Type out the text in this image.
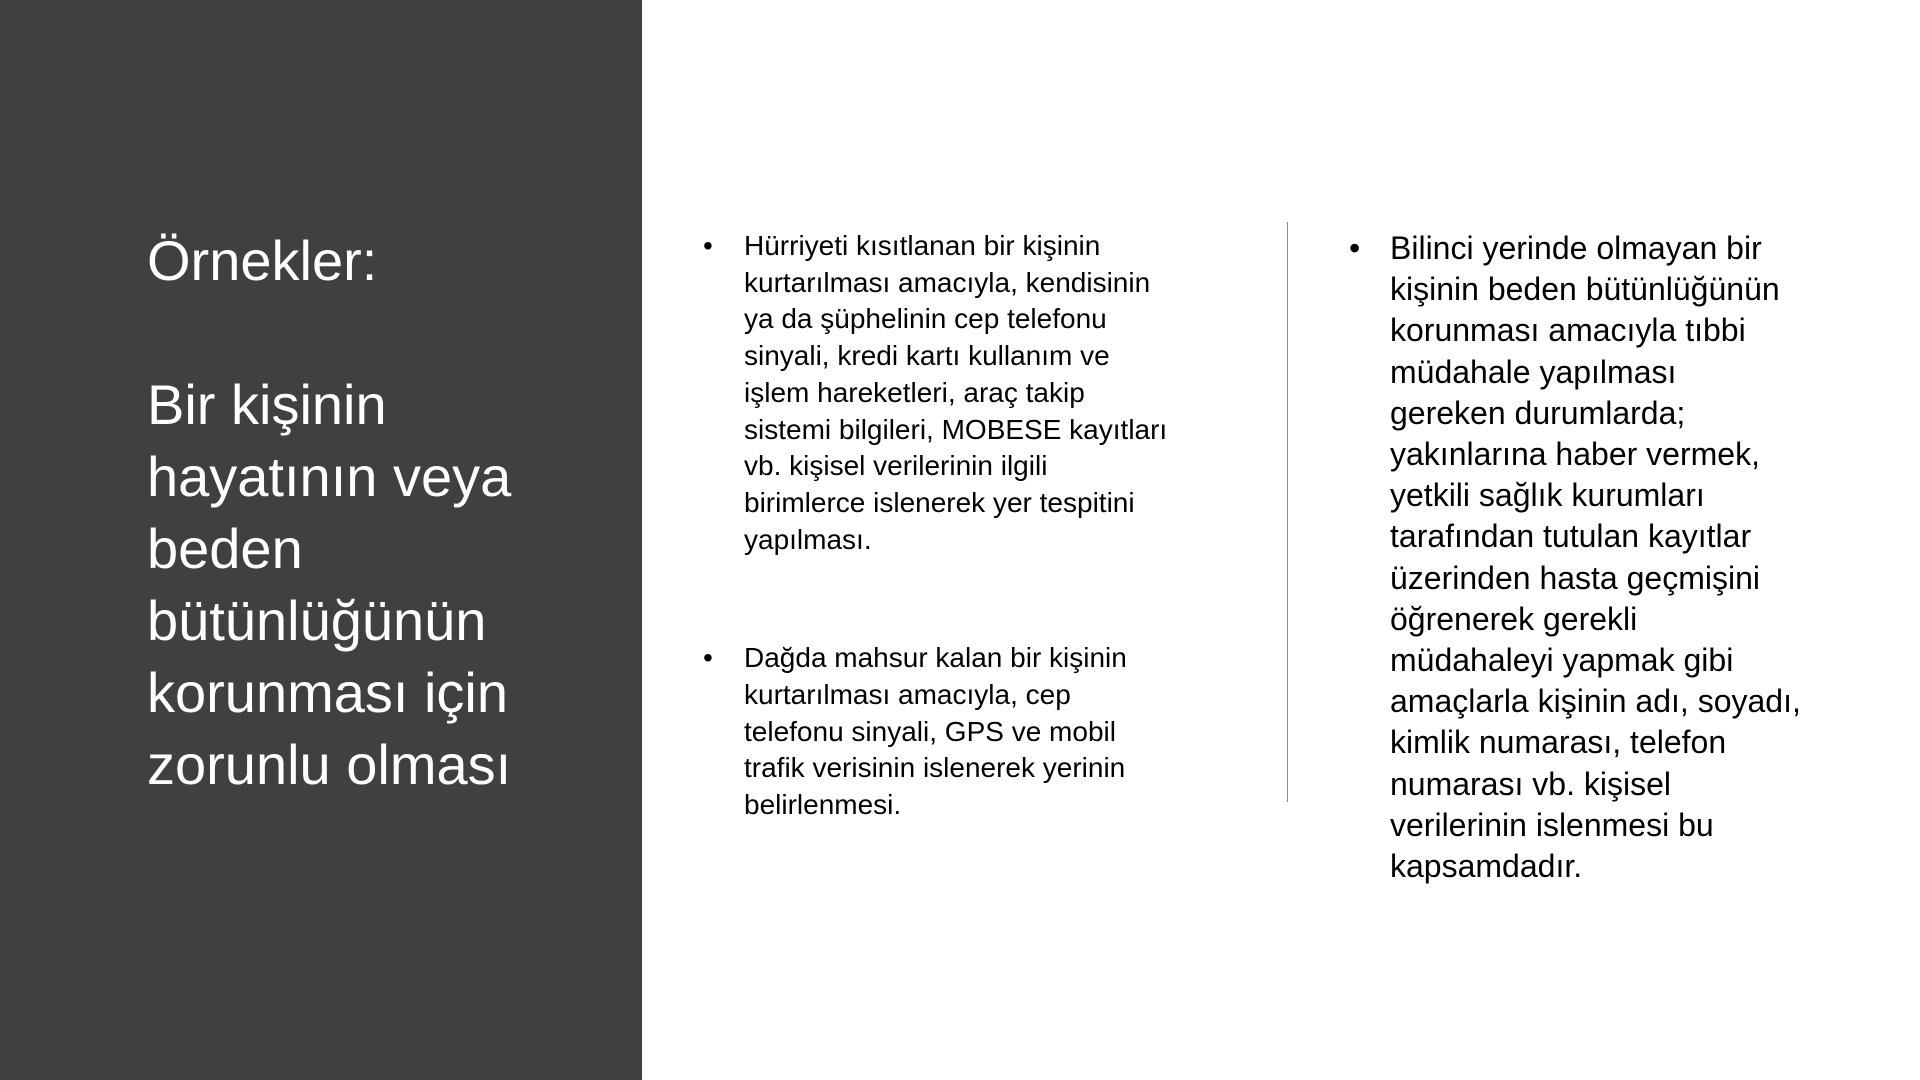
Örnekler:
Bir kişinin
hayatının veya
beden
bütünlüğünün
korunması için
zorunlu olması
• Hürriyeti kısıtlanan bir kişinin
kurtarılması amacıyla, kendisinin
ya da şüphelinin cep telefonu
sinyali, kredi kartı kullanım ve
işlem hareketleri, araç takip
sistemi bilgileri, MOBESE kayıtları
vb. kişisel verilerinin ilgili
birimlerce islenerek yer tespitini
yapılması.
• Dağda mahsur kalan bir kişinin
kurtarılması amacıyla, cep
telefonu sinyali, GPS ve mobil
trafik verisinin islenerek yerinin
belirlenmesi.
• Bilinci yerinde olmayan bir
kişinin beden bütünlüğünün
korunması amacıyla tıbbi
müdahale yapılması
gereken durumlarda;
yakınlarına haber vermek,
yetkili sağlık kurumları
tarafından tutulan kayıtlar
üzerinden hasta geçmişini
öğrenerek gerekli
müdahaleyi yapmak gibi
amaçlarla kişinin adı, soyadı,
kimlik numarası, telefon
numarası vb. kişisel
verilerinin islenmesi bu
kapsamdadır.
